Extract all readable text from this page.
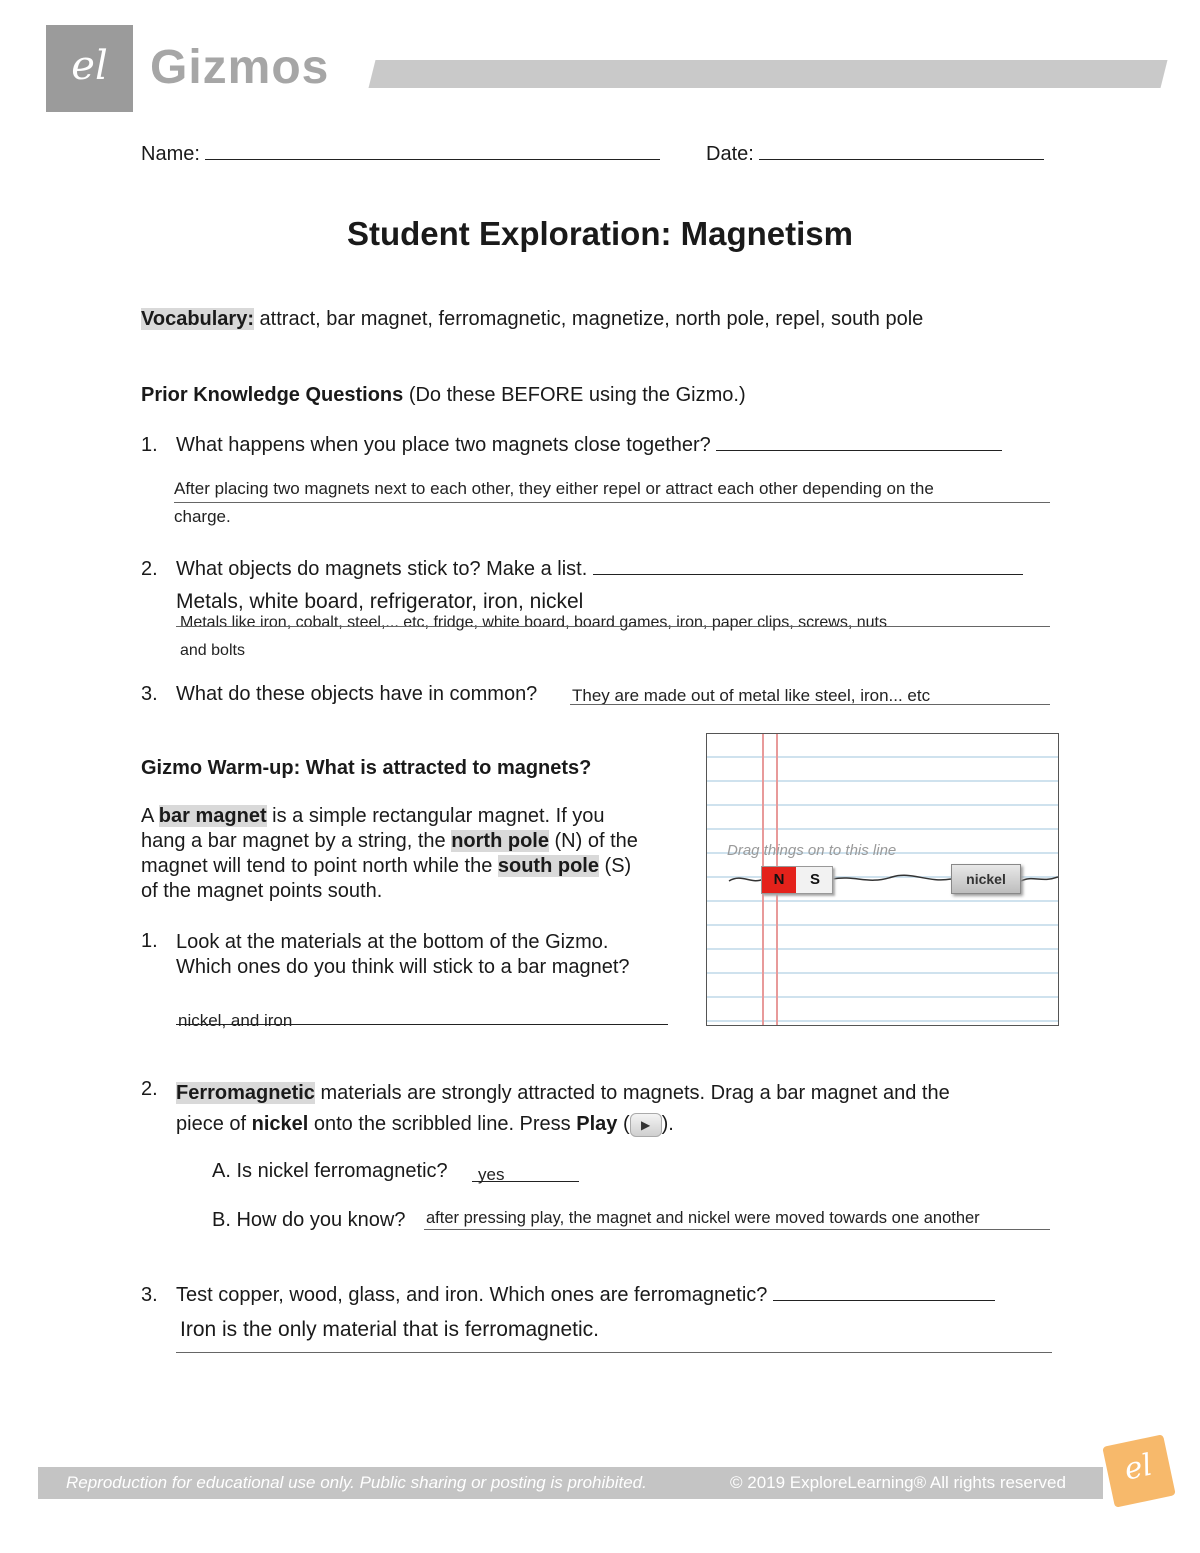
el Gizmos
Name:	Date:
Student Exploration: Magnetism
Vocabulary: attract, bar magnet, ferromagnetic, magnetize, north pole, repel, south pole
Prior Knowledge Questions (Do these BEFORE using the Gizmo.)
1. What happens when you place two magnets close together?
After placing two magnets next to each other, they either repel or attract each other depending on the
charge.
2. What objects do magnets stick to? Make a list.
Metals, white board, refrigerator, iron, nickel
Metals like iron, cobalt, steel,... etc, fridge, white board, board games, iron, paper clips, screws, nuts
and bolts
3. What do these objects have in common? They are made out of metal like steel, iron... etc
Gizmo Warm-up: What is attracted to magnets?
A bar magnet is a simple rectangular magnet. If you hang a bar magnet by a string, the north pole (N) of the magnet will tend to point north while the south pole (S) of the magnet points south.
1. Look at the materials at the bottom of the Gizmo.
Which ones do you think will stick to a bar magnet?
nickel, and iron
Drag things on to this line
N	S	nickel
2. Ferromagnetic materials are strongly attracted to magnets. Drag a bar magnet and the
piece of nickel onto the scribbled line. Press Play ( ▶ ).
A. Is nickel ferromagnetic? yes
B. How do you know? after pressing play, the magnet and nickel were moved towards one another
3. Test copper, wood, glass, and iron. Which ones are ferromagnetic?
Iron is the only material that is ferromagnetic.
Reproduction for educational use only. Public sharing or posting is prohibited.	© 2019 ExploreLearning® All rights reserved	el
